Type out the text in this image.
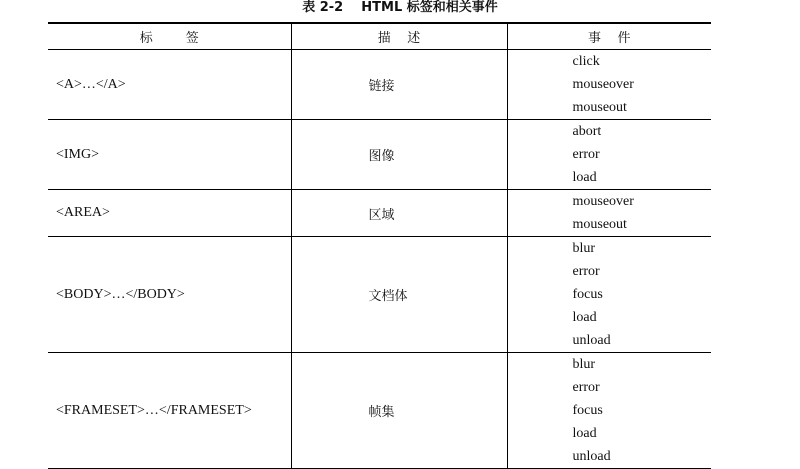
表 2-2    HTML 标签和相关事件
标        签	描    述	事    件
<A>…</A>	链接	click
mouseover
mouseout

<IMG>	图像	abort
error
load

<AREA>	区域	mouseover
mouseout

<BODY>…</BODY>	文档体	blur
error
focus
load
unload

<FRAMESET>…</FRAMESET>	帧集	blur
error
focus
load
unload
